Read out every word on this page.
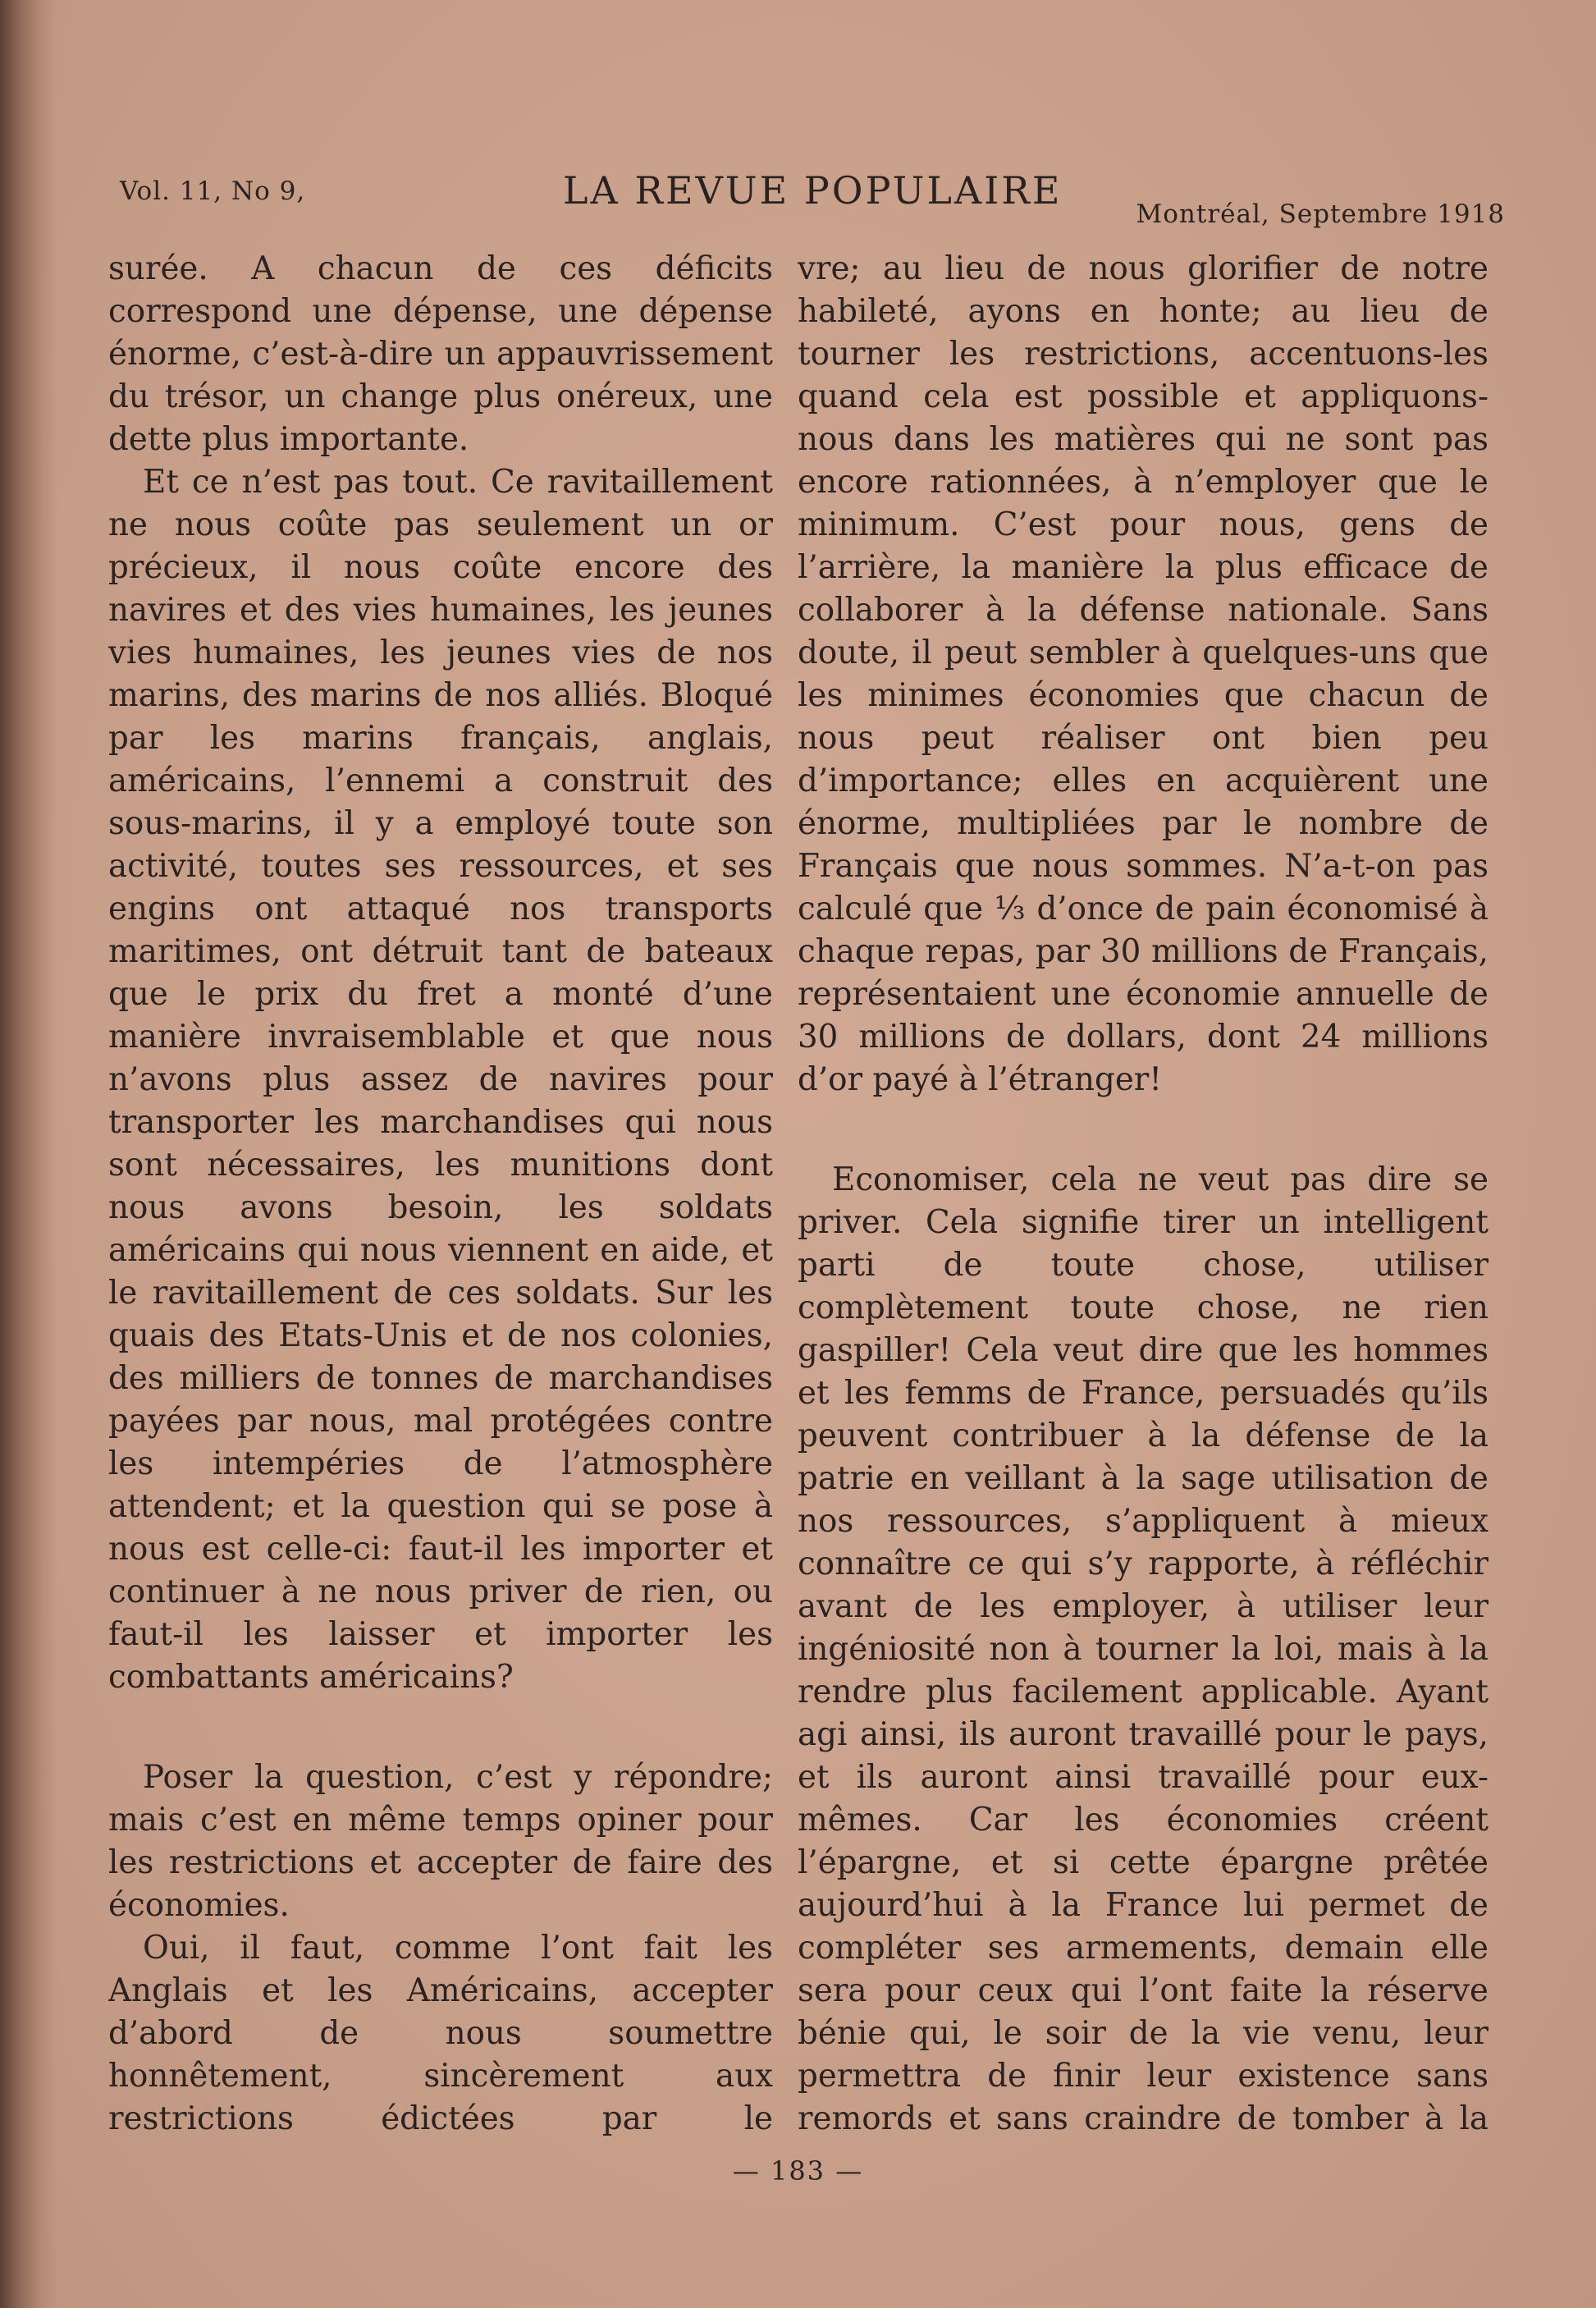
Vol. 11, No 9,	LA REVUE POPULAIRE
Montréal, Septembre 1918

surée. A chacun de ces déficits correspond une dépense, une dépense énorme, c’est-à-dire un appauvrissement du trésor, un change plus onéreux, une dette plus importante.

Et ce n’est pas tout. Ce ravitaillement ne nous coûte pas seulement un or précieux, il nous coûte encore des navires et des vies humaines, les jeunes vies humaines, les jeunes vies de nos marins, des marins de nos alliés. Bloqué par les marins français, anglais, américains, l’ennemi a construit des sous-marins, il y a employé toute son activité, toutes ses ressources, et ses engins ont attaqué nos transports maritimes, ont détruit tant de bateaux que le prix du fret a monté d’une manière invraisemblable et que nous n’avons plus assez de navires pour transporter les marchandises qui nous sont nécessaires, les munitions dont nous avons besoin, les soldats américains qui nous viennent en aide, et le ravitaillement de ces soldats. Sur les quais des Etats-Unis et de nos colonies, des milliers de tonnes de marchandises payées par nous, mal protégées contre les intempéries de l’atmosphère attendent; et la question qui se pose à nous est celle-ci: faut-il les importer et continuer à ne nous priver de rien, ou faut-il les laisser et importer les combattants américains?

Poser la question, c’est y répondre; mais c’est en même temps opiner pour les restrictions et accepter de faire des économies.

Oui, il faut, comme l’ont fait les Anglais et les Américains, accepter d’abord de nous soumettre honnêtement, sincèrement aux restrictions édictées par le

vre; au lieu de nous glorifier de notre habileté, ayons en honte; au lieu de tourner les restrictions, accentuons-les quand cela est possible et appliquons-nous dans les matières qui ne sont pas encore rationnées, à n’employer que le minimum. C’est pour nous, gens de l’arrière, la manière la plus efficace de collaborer à la défense nationale. Sans doute, il peut sembler à quelques-uns que les minimes économies que chacun de nous peut réaliser ont bien peu d’importance; elles en acquièrent une énorme, multipliées par le nombre de Français que nous sommes. N’a-t-on pas calculé que ⅓ d’once de pain économisé à chaque repas, par 30 millions de Français, représentaient une économie annuelle de 30 millions de dollars, dont 24 millions d’or payé à l’étranger!

Economiser, cela ne veut pas dire se priver. Cela signifie tirer un intelligent parti de toute chose, utiliser complètement toute chose, ne rien gaspiller! Cela veut dire que les hommes et les femms de France, persuadés qu’ils peuvent contribuer à la défense de la patrie en veillant à la sage utilisation de nos ressources, s’appliquent à mieux connaître ce qui s’y rapporte, à réfléchir avant de les employer, à utiliser leur ingéniosité non à tourner la loi, mais à la rendre plus facilement applicable. Ayant agi ainsi, ils auront travaillé pour le pays, et ils auront ainsi travaillé pour eux-mêmes. Car les économies créent l’épargne, et si cette épargne prêtée aujourd’hui à la France lui permet de compléter ses armements, demain elle sera pour ceux qui l’ont faite la réserve bénie qui, le soir de la vie venu, leur permettra de finir leur existence sans remords et sans craindre de tomber à la

— 183 —
